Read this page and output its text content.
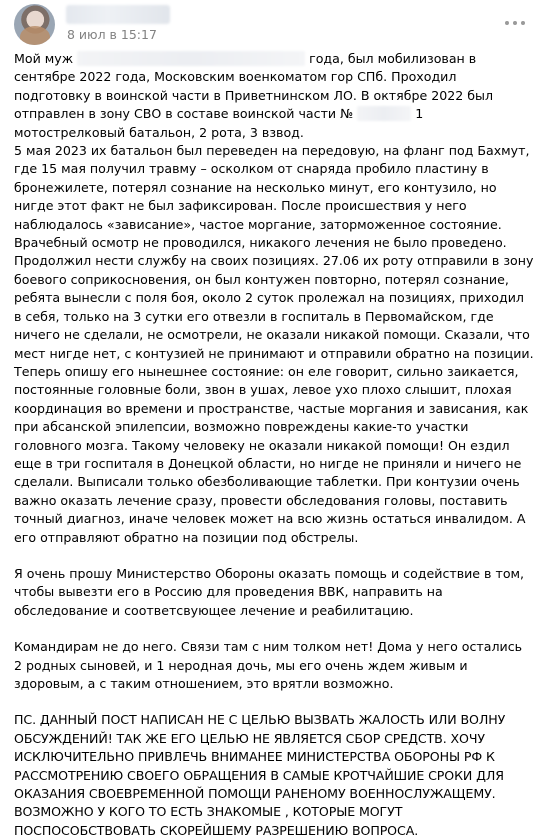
8 июл в 15:17

Мой муж	года, был мобилизован в сентябре 2022 года, Московским военкоматом гор СПб. Проходил подготовку в воинской части в Приветнинском ЛО. В октябре 2022 был отправлен в зону СВО в составе воинской части №	1 мотострелковый батальон, 2 рота, 3 взвод.
5 мая 2023 их батальон был переведен на передовую, на фланг под Бахмут, где 15 мая получил травму – осколком от снаряда пробило пластину в бронежилете, потерял сознание на несколько минут, его контузило, но нигде этот факт не был зафиксирован. После происшествия у него наблюдалось «зависание», частое моргание, заторможенное состояние. Врачебный осмотр не проводился, никакого лечения не было проведено. Продолжил нести службу на своих позициях. 27.06 их роту отправили в зону боевого соприкосновения, он был контужен повторно, потерял сознание, ребята вынесли с поля боя, около 2 суток пролежал на позициях, приходил в себя, только на 3 сутки его отвезли в госпиталь в Первомайском, где ничего не сделали, не осмотрели, не оказали никакой помощи. Сказали, что мест нигде нет, с контузией не принимают и отправили обратно на позиции. Теперь опишу его нынешнее состояние: он еле говорит, сильно заикается, постоянные головные боли, звон в ушах, левое ухо плохо слышит, плохая координация во времени и пространстве, частые моргания и зависания, как при абсанской эпилепсии, возможно повреждены какие-то участки головного мозга. Такому человеку не оказали никакой помощи! Он ездил еще в три госпиталя в Донецкой области, но нигде не приняли и ничего не сделали. Выписали только обезболивающие таблетки. При контузии очень важно оказать лечение сразу, провести обследования головы, поставить точный диагноз, иначе человек может на всю жизнь остаться инвалидом. А его отправляют обратно на позиции под обстрелы.

Я очень прошу Министерство Обороны оказать помощь и содействие в том, чтобы вывезти его в Россию для проведения ВВК, направить на обследование и соответсвующее лечение и реабилитацию.

Командирам не до него. Связи там с ним толком нет! Дома у него остались 2 родных сыновей, и 1 неродная дочь, мы его очень ждем живым и здоровым, а с таким отношением, это врятли возможно.

ПС. ДАННЫЙ ПОСТ НАПИСАН НЕ С ЦЕЛЬЮ ВЫЗВАТЬ ЖАЛОСТЬ ИЛИ ВОЛНУ ОБСУЖДЕНИЙ! ТАК ЖЕ ЕГО ЦЕЛЬЮ НЕ ЯВЛЯЕТСЯ СБОР СРЕДСТВ. ХОЧУ ИСКЛЮЧИТЕЛЬНО ПРИВЛЕЧЬ ВНИМАНЕЕ МИНИСТЕРСТВА ОБОРОНЫ РФ К РАССМОТРЕНИЮ СВОЕГО ОБРАЩЕНИЯ В САМЫЕ КРОТЧАЙШИЕ СРОКИ ДЛЯ ОКАЗАНИЯ СВОЕВРЕМЕННОЙ ПОМОЩИ РАНЕНОМУ ВОЕННОСЛУЖАЩЕМУ. ВОЗМОЖНО У КОГО ТО ЕСТЬ ЗНАКОМЫЕ , КОТОРЫЕ МОГУТ ПОСПОСОБСТВОВАТЬ СКОРЕЙШЕМУ РАЗРЕШЕНИЮ ВОПРОСА.
